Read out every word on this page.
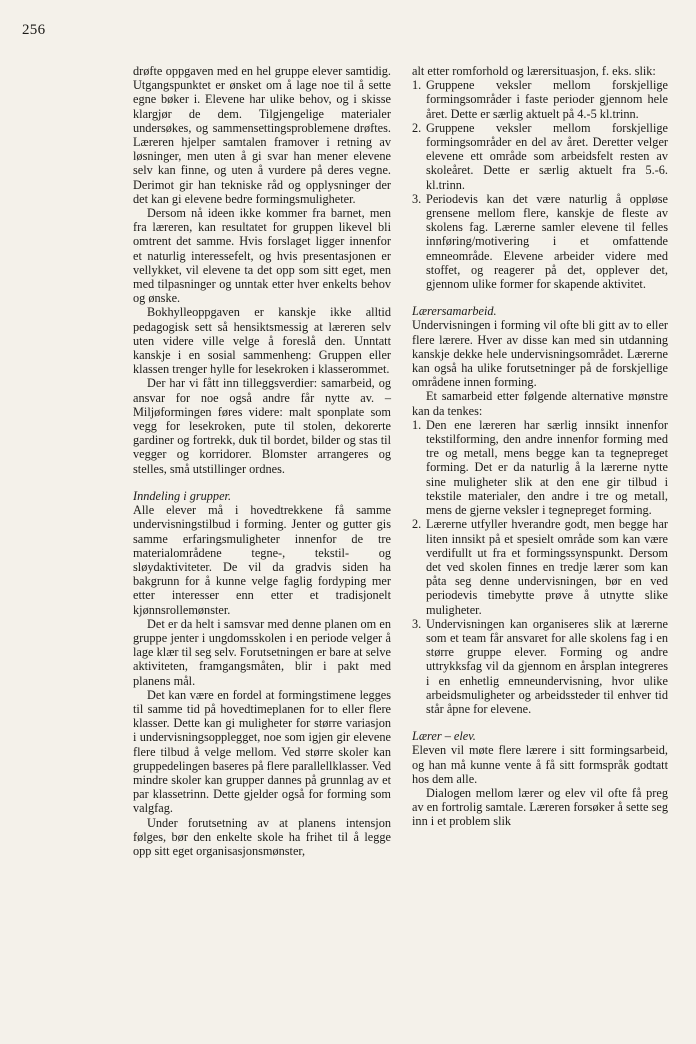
256

drøfte oppgaven med en hel gruppe elever samtidig. Utgangspunktet er ønsket om å lage noe til å sette egne bøker i. Elevene har ulike behov, og i skisse klargjør de dem. Tilgjengelige materialer undersøkes, og sammensettingsproblemene drøftes. Læreren hjelper samtalen framover i retning av løsninger, men uten å gi svar han mener elevene selv kan finne, og uten å vurdere på deres vegne. Derimot gir han tekniske råd og opplysninger der det kan gi elevene bedre formingsmuligheter.

Dersom nå ideen ikke kommer fra barnet, men fra læreren, kan resultatet for gruppen likevel bli omtrent det samme. Hvis forslaget ligger innenfor et naturlig interessefelt, og hvis presentasjonen er vellykket, vil elevene ta det opp som sitt eget, men med tilpasninger og unntak etter hver enkelts behov og ønske.

Bokhylleoppgaven er kanskje ikke alltid pedagogisk sett så hensiktsmessig at læreren selv uten videre ville velge å foreslå den. Unntatt kanskje i en sosial sammenheng: Gruppen eller klassen trenger hylle for lesekroken i klasserommet.

Der har vi fått inn tilleggsverdier: samarbeid, og ansvar for noe også andre får nytte av. – Miljøformingen føres videre: malt sponplate som vegg for lesekroken, pute til stolen, dekorerte gardiner og fortrekk, duk til bordet, bilder og stas til vegger og korridorer. Blomster arrangeres og stelles, små utstillinger ordnes.

Inndeling i grupper.

Alle elever må i hovedtrekkene få samme undervisningstilbud i forming. Jenter og gutter gis samme erfaringsmuligheter innenfor de tre materialområdene tegne-, tekstil- og sløydaktiviteter. De vil da gradvis siden ha bakgrunn for å kunne velge faglig fordyping mer etter interesser enn etter et tradisjonelt kjønnsrollemønster.

Det er da helt i samsvar med denne planen om en gruppe jenter i ungdomsskolen i en periode velger å lage klær til seg selv. Forutsetningen er bare at selve aktiviteten, framgangsmåten, blir i pakt med planens mål.

Det kan være en fordel at formingstimene legges til samme tid på hovedtimeplanen for to eller flere klasser. Dette kan gi muligheter for større variasjon i undervisningsopplegget, noe som igjen gir elevene flere tilbud å velge mellom. Ved større skoler kan gruppedelingen baseres på flere parallellklasser. Ved mindre skoler kan grupper dannes på grunnlag av et par klassetrinn. Dette gjelder også for forming som valgfag.

Under forutsetning av at planens intensjon følges, bør den enkelte skole ha frihet til å legge opp sitt eget organisasjonsmønster,

alt etter romforhold og lærersituasjon, f. eks. slik:

1. Gruppene veksler mellom forskjellige formingsområder i faste perioder gjennom hele året. Dette er særlig aktuelt på 4.-5 kl.trinn.
2. Gruppene veksler mellom forskjellige formingsområder en del av året. Deretter velger elevene ett område som arbeidsfelt resten av skoleåret. Dette er særlig aktuelt fra 5.-6. kl.trinn.
3. Periodevis kan det være naturlig å oppløse grensene mellom flere, kanskje de fleste av skolens fag. Lærerne samler elevene til felles innføring/motivering i et omfattende emneområde. Elevene arbeider videre med stoffet, og reagerer på det, opplever det, gjennom ulike former for skapende aktivitet.
Lærersamarbeid.

Undervisningen i forming vil ofte bli gitt av to eller flere lærere. Hver av disse kan med sin utdanning kanskje dekke hele undervisningsområdet. Lærerne kan også ha ulike forutsetninger på de forskjellige områdene innen forming.

Et samarbeid etter følgende alternative mønstre kan da tenkes:

1. Den ene læreren har særlig innsikt innenfor tekstilforming, den andre innenfor forming med tre og metall, mens begge kan ta tegnepreget forming. Det er da naturlig å la lærerne nytte sine muligheter slik at den ene gir tilbud i tekstile materialer, den andre i tre og metall, mens de gjerne veksler i tegnepreget forming.
2. Lærerne utfyller hverandre godt, men begge har liten innsikt på et spesielt område som kan være verdifullt ut fra et formingssynspunkt. Dersom det ved skolen finnes en tredje lærer som kan påta seg denne undervisningen, bør en ved periodevis timebytte prøve å utnytte slike muligheter.
3. Undervisningen kan organiseres slik at lærerne som et team får ansvaret for alle skolens fag i en større gruppe elever. Forming og andre uttrykksfag vil da gjennom en årsplan integreres i en enhetlig emneundervisning, hvor ulike arbeidsmuligheter og arbeidssteder til enhver tid står åpne for elevene.
Lærer – elev.

Eleven vil møte flere lærere i sitt formingsarbeid, og han må kunne vente å få sitt formspråk godtatt hos dem alle.

Dialogen mellom lærer og elev vil ofte få preg av en fortrolig samtale. Læreren forsøker å sette seg inn i et problem slik
